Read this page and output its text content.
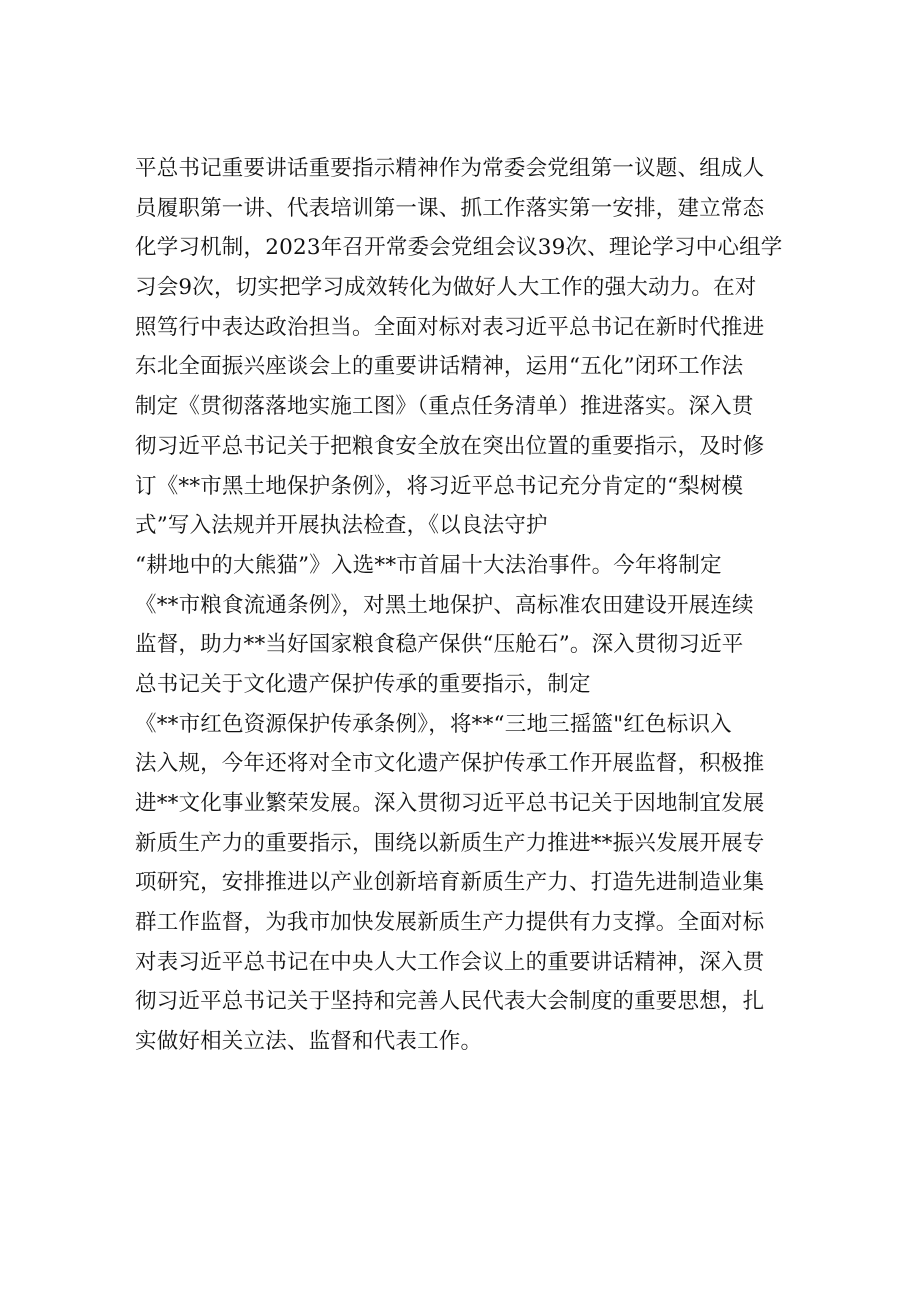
平总书记重要讲话重要指示精神作为常委会党组第一议题、组成人
员履职第一讲、代表培训第一课、抓工作落实第一安排，建立常态
化学习机制，2023年召开常委会党组会议39次、理论学习中心组学
习会9次，切实把学习成效转化为做好人大工作的强大动力。在对
照笃行中表达政治担当。全面对标对表习近平总书记在新时代推进
东北全面振兴座谈会上的重要讲话精神，运用“五化”闭环工作法
制定《贯彻落落地实施工图》（重点任务清单）推进落实。深入贯
彻习近平总书记关于把粮食安全放在突出位置的重要指示，及时修
订《**市黑土地保护条例》，将习近平总书记充分肯定的“梨树模
式”写入法规并开展执法检查，《以良法守护
“耕地中的大熊猫”》入选**市首届十大法治事件。今年将制定
《**市粮食流通条例》，对黑土地保护、高标准农田建设开展连续
监督，助力**当好国家粮食稳产保供“压舱石”。深入贯彻习近平
总书记关于文化遗产保护传承的重要指示，制定
《**市红色资源保护传承条例》，将**“三地三摇篮"红色标识入
法入规，今年还将对全市文化遗产保护传承工作开展监督，积极推
进**文化事业繁荣发展。深入贯彻习近平总书记关于因地制宜发展
新质生产力的重要指示，围绕以新质生产力推进**振兴发展开展专
项研究，安排推进以产业创新培育新质生产力、打造先进制造业集
群工作监督，为我市加快发展新质生产力提供有力支撑。全面对标
对表习近平总书记在中央人大工作会议上的重要讲话精神，深入贯
彻习近平总书记关于坚持和完善人民代表大会制度的重要思想，扎
实做好相关立法、监督和代表工作。
